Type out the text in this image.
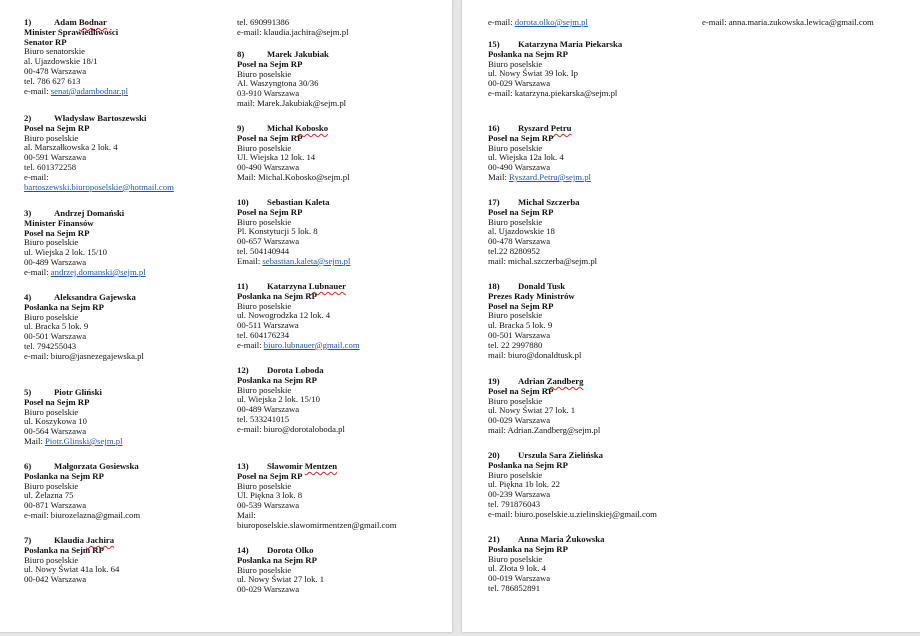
1)	Adam Bodnar
Minister Sprawiedliwości
Senator RP
Biuro senatorskie
al. Ujazdowskie 18/1
00-478 Warszawa
tel. 786 627 613
e-mail: senat@adambodnar.pl
2)	Władysław Bartoszewski
Poseł na Sejm RP
Biuro poselskie
al. Marszałkowska 2 lok. 4
00-591 Warszawa
tel. 601372258
e-mail:
bartoszewski.biuroposelskie@hotmail.com
3)	Andrzej Domański
Minister Finansów
Poseł na Sejm RP
Biuro poselskie
ul. Wiejska 2 lok. 15/10
00-489 Warszawa
e-mail: andrzej.domanski@sejm.pl
4)	Aleksandra Gajewska
Posłanka na Sejm RP
Biuro poselskie
ul. Bracka 5 lok. 9
00-501 Warszawa
tel. 794255043
e-mail: biuro@jasnezegajewska.pl
5)	Piotr Gliński
Poseł na Sejm RP
Biuro poselskie
ul. Koszykowa 10
00-564 Warszawa
Mail: Piotr.Glinski@sejm.pl
6)	Małgorzata Gosiewska
Posłanka na Sejm RP
Biuro poselskie
ul. Żelazna 75
00-871 Warszawa
e-mail: biurozelazna@gmail.com
7)	Klaudia Jachira
Posłanka na Sejm RP
Biuro poselskie
ul. Nowy Świat 41a lok. 64
00-042 Warszawa
tel. 690991386
e-mail: klaudia.jachira@sejm.pl
8)	Marek Jakubiak
Poseł na Sejm RP
Biuro poselskie
Al. Waszyngtona 30/36
03-910 Warszawa
mail: Marek.Jakubiak@sejm.pl
9)	Michał Kobosko
Poseł na Sejm RP
Biuro poselskie
Ul. Wiejska 12 lok. 14
00-490 Warszawa
Mail: Michal.Kobosko@sejm.pl
10) Sebastian Kaleta
Poseł na Sejm RP
Biuro poselskie
Pl. Konstytucji 5 lok. 8
00-657 Warszawa
tel. 504140944
Email: sebastian.kaleta@sejm.pl
11) Katarzyna Lubnauer
Posłanka na Sejm RP
Biuro poselskie
ul. Nowogrodzka 12 lok. 4
00-511 Warszawa
tel. 604176234
e-mail: biuro.lubnauer@gmail.com
12) Dorota Loboda
Posłanka na Sejm RP
Biuro poselskie
ul. Wiejska 2 lok. 15/10
00-489 Warszawa
tel. 533241015
e-mail: biuro@dorotaloboda.pl
13) Sławomir Mentzen
Poseł na Sejm RP
Biuro poselskie
Ul. Piękna 3 lok. 8
00-539 Warszawa
Mail:
biuroposelskie.slawomirmentzen@gmail.com
14) Dorota Olko
Posłanka na Sejm RP
Biuro poselskie
ul. Nowy Świat 27 lok. 1
00-029 Warszawa
e-mail: dorota.olko@sejm.pl	e-mail: anna.maria.zukowska.lewica@gmail.com
15) Katarzyna Maria Piekarska
Posłanka na Sejm RP
Biuro poselskie
ul. Nowy Świat 39 lok. Ip
00-029 Warszawa
e-mail: katarzyna.piekarska@sejm.pl
16) Ryszard Petru
Poseł na Sejm RP
Biuro poselskie
ul. Wiejska 12a lok. 4
00-490 Warszawa
Mail: Ryszard.Petru@sejm.pl
17) Michał Szczerba
Poseł na Sejm RP
Biuro poselskie
al. Ujazdowskie 18
00-478 Warszawa
tel.22 8280952
mail: michal.szczerba@sejm.pl
18) Donald Tusk
Prezes Rady Ministrów
Poseł na Sejm RP
Biuro poselskie
ul. Bracka 5 lok. 9
00-501 Warszawa
tel. 22 2997880
mail: biuro@donaldtusk.pl
19) Adrian Zandberg
Poseł na Sejm RP
Biuro poselskie
ul. Nowy Świat 27 lok. 1
00-029 Warszawa
mail: Adrian.Zandberg@sejm.pl
20) Urszula Sara Zielińska
Posłanka na Sejm RP
Biuro poselskie
ul. Piękna 1b lok. 22
00-239 Warszawa
tel. 791876043
e-mail: biuro.poselskie.u.zielinskiej@gmail.com
21) Anna Maria Żukowska
Posłanka na Sejm RP
Biuro poselskie
ul. Złota 9 lok. 4
00-019 Warszawa
tel. 786852891
